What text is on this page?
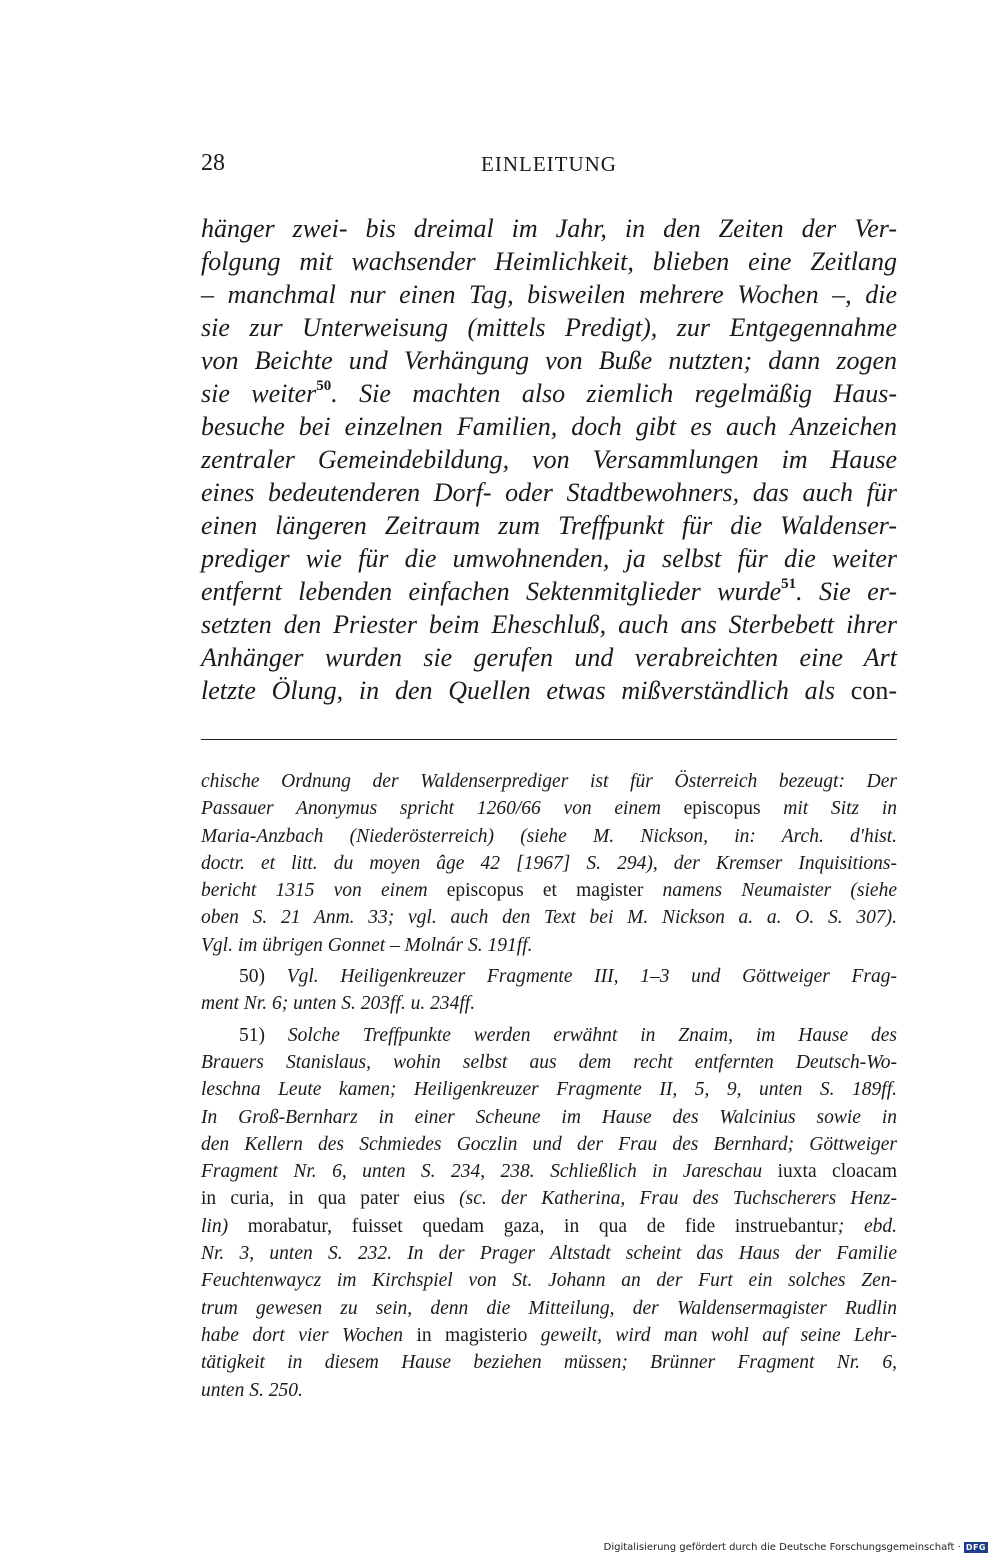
28	EINLEITUNG
hänger zwei- bis dreimal im Jahr, in den Zeiten der Ver-
folgung mit wachsender Heimlichkeit, blieben eine Zeitlang
– manchmal nur einen Tag, bisweilen mehrere Wochen –, die
sie zur Unterweisung (mittels Predigt), zur Entgegennahme
von Beichte und Verhängung von Buße nutzten; dann zogen
sie weiter$^{50}$. Sie machten also ziemlich regelmäßig Haus-
besuche bei einzelnen Familien, doch gibt es auch Anzeichen
zentraler Gemeindebildung, von Versammlungen im Hause
eines bedeutenderen Dorf- oder Stadtbewohners, das auch für
einen längeren Zeitraum zum Treffpunkt für die Waldenser-
prediger wie für die umwohnenden, ja selbst für die weiter
entfernt lebenden einfachen Sektenmitglieder wurde$^{51}$. Sie er-
setzten den Priester beim Eheschluß, auch ans Sterbebett ihrer
Anhänger wurden sie gerufen und verabreichten eine Art
letzte Ölung, in den Quellen etwas mißverständlich als con-
chische Ordnung der Waldenserprediger ist für Österreich bezeugt: Der
Passauer Anonymus spricht 1260/66 von einem episcopus mit Sitz in
Maria-Anzbach (Niederösterreich) (siehe M. Nickson, in: Arch. d'hist.
doctr. et litt. du moyen âge 42 [1967] S. 294), der Kremser Inquisitions-
bericht 1315 von einem episcopus et magister namens Neumaister (siehe
oben S. 21 Anm. 33; vgl. auch den Text bei M. Nickson a. a. O. S. 307).
Vgl. im übrigen Gonnet – Molnár S. 191ff.
50) Vgl. Heiligenkreuzer Fragmente III, 1–3 und Göttweiger Frag-
ment Nr. 6; unten S. 203ff. u. 234ff.
51) Solche Treffpunkte werden erwähnt in Znaim, im Hause des
Brauers Stanislaus, wohin selbst aus dem recht entfernten Deutsch-Wo-
leschna Leute kamen; Heiligenkreuzer Fragmente II, 5, 9, unten S. 189ff.
In Groß-Bernharz in einer Scheune im Hause des Walcinius sowie in
den Kellern des Schmiedes Goczlin und der Frau des Bernhard; Göttweiger
Fragment Nr. 6, unten S. 234, 238. Schließlich in Jareschau iuxta cloacam
in curia, in qua pater eius (sc. der Katherina, Frau des Tuchscherers Henz-
lin) morabatur, fuisset quedam gaza, in qua de fide instruebantur; ebd.
Nr. 3, unten S. 232. In der Prager Altstadt scheint das Haus der Familie
Feuchtenwaycz im Kirchspiel von St. Johann an der Furt ein solches Zen-
trum gewesen zu sein, denn die Mitteilung, der Waldensermagister Rudlin
habe dort vier Wochen in magisterio geweilt, wird man wohl auf seine Lehr-
tätigkeit in diesem Hause beziehen müssen; Brünner Fragment Nr. 6,
unten S. 250.
Digitalisierung gefördert durch die Deutsche Forschungsgemeinschaft · DFG
